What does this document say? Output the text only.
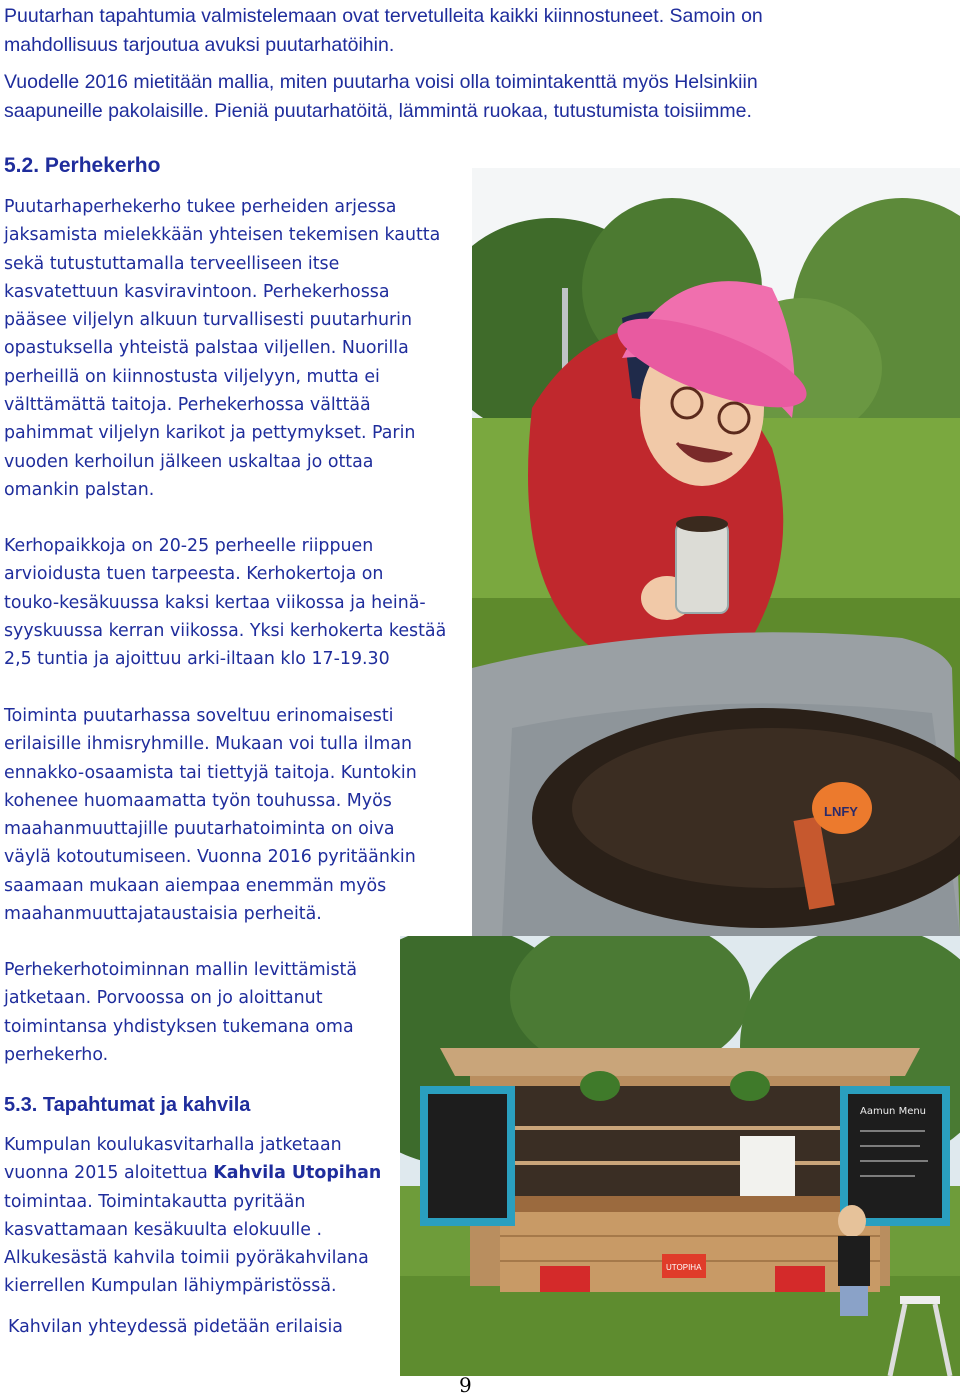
Puutarhan tapahtumia valmistelemaan ovat tervetulleita kaikki kiinnostuneet. Samoin on
mahdollisuus tarjoutua avuksi puutarhatöihin.
Vuodelle 2016 mietitään mallia, miten puutarha voisi olla toimintakenttä myös Helsinkiin
saapuneille pakolaisille. Pieniä puutarhatöitä, lämmintä ruokaa, tutustumista toisiimme.
5.2. Perhekerho
Puutarhaperhekerho tukee perheiden arjessa
jaksamista mielekkään yhteisen tekemisen kautta
sekä tutustuttamalla terveelliseen itse
kasvatettuun kasviravintoon. Perhekerhossa
pääsee viljelyn alkuun turvallisesti puutarhurin
opastuksella yhteistä palstaa viljellen. Nuorilla
perheillä on kiinnostusta viljelyyn, mutta ei
välttämättä taitoja. Perhekerhossa välttää
pahimmat viljelyn karikot ja pettymykset. Parin
vuoden kerhoilun jälkeen uskaltaa jo ottaa
omankin palstan.
Kerhopaikkoja on 20-25 perheelle riippuen
arvioidusta tuen tarpeesta. Kerhokertoja on
touko-kesäkuussa kaksi kertaa viikossa ja heinä-
syyskuussa kerran viikossa. Yksi kerhokerta kestää
2,5 tuntia ja ajoittuu arki-iltaan klo 17-19.30
Toiminta puutarhassa soveltuu erinomaisesti
erilaisille ihmisryhmille. Mukaan voi tulla ilman
ennakko-osaamista tai tiettyjä taitoja. Kuntokin
kohenee huomaamatta työn touhussa. Myös
maahanmuuttajille puutarhatoiminta on oiva
väylä kotoutumiseen. Vuonna 2016 pyritäänkin
saamaan mukaan aiempaa enemmän myös
maahanmuuttajataustaisia perheitä.
Perhekerhotoiminnan mallin levittämistä
jatketaan. Porvoossa on jo aloittanut
toimintansa yhdistyksen tukemana oma
perhekerho.
5.3. Tapahtumat ja kahvila
Kumpulan koulukasvitarhalla jatketaan
vuonna 2015 aloitettua Kahvila Utopihan
toimintaa. Toimintakautta pyritään
kasvattamaan kesäkuulta elokuulle .
Alkukesästä kahvila toimii pyöräkahvilana
kierrellen Kumpulan lähiympäristössä.
Kahvilan yhteydessä pidetään erilaisia
LNFY
UTOPIHA
Aamun Menu
9
